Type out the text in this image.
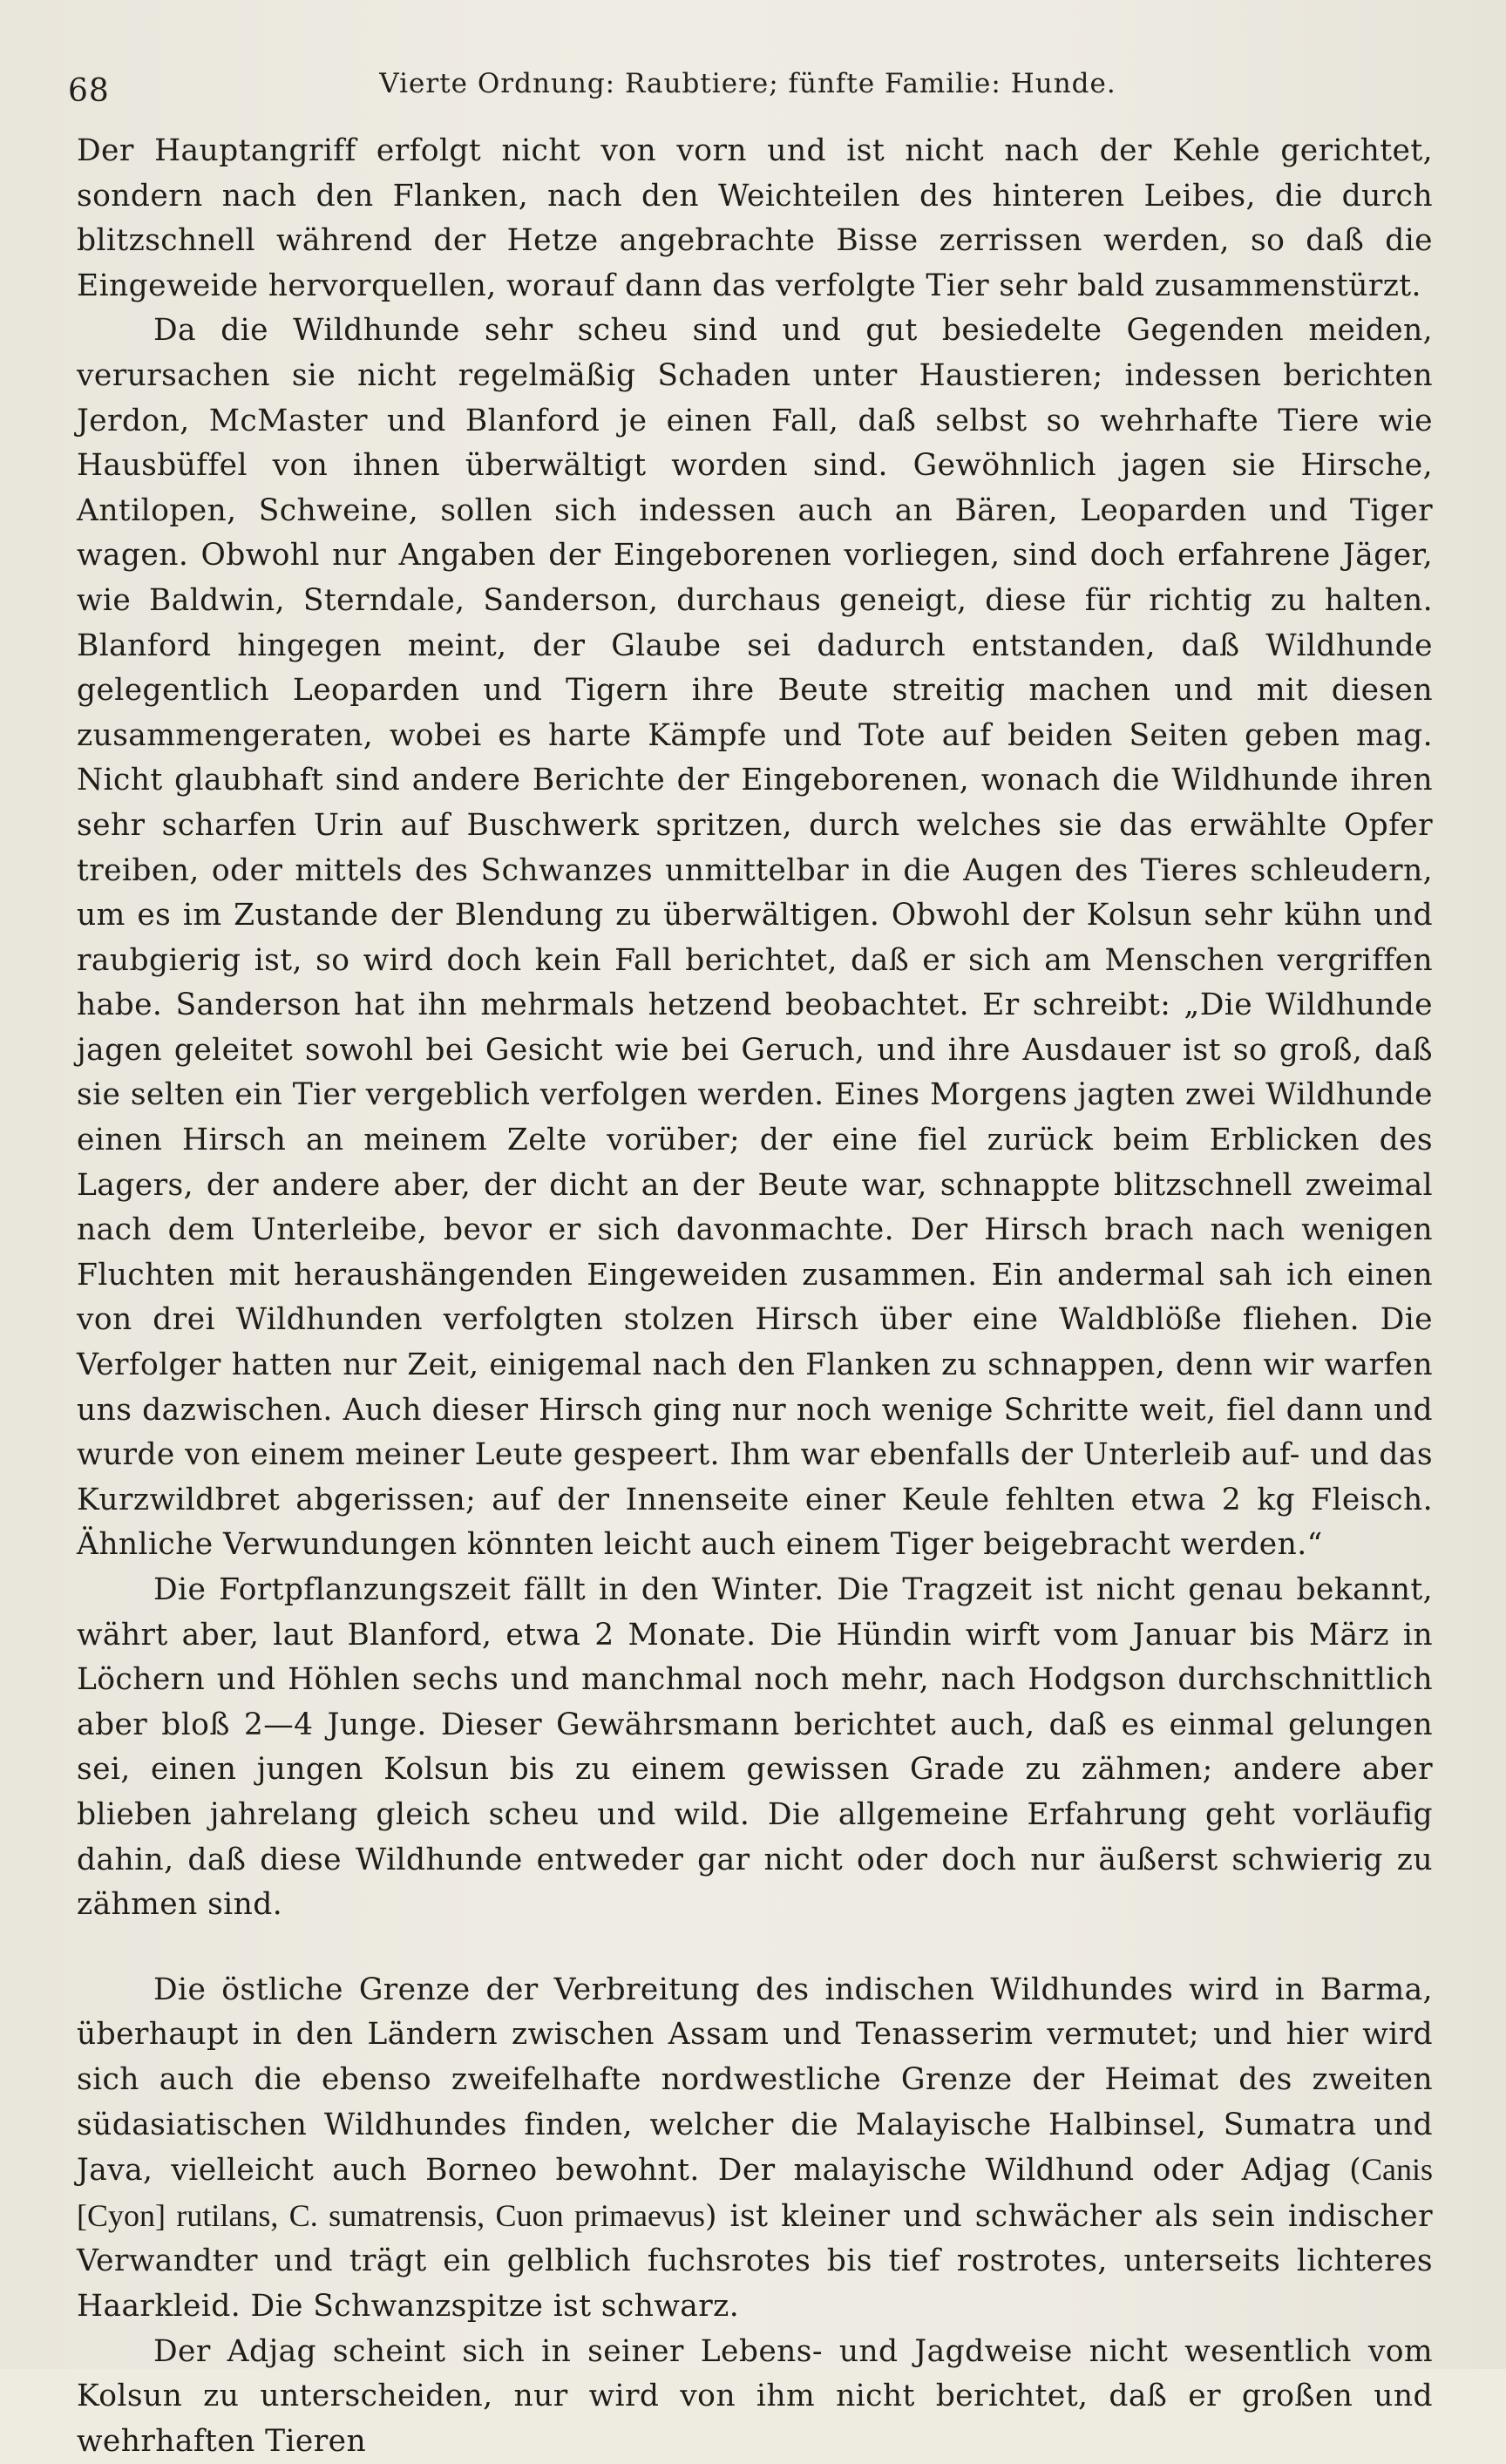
68	Vierte Ordnung: Raubtiere; fünfte Familie: Hunde.

Der Hauptangriff erfolgt nicht von vorn und ist nicht nach der Kehle gerichtet, sondern nach den Flanken, nach den Weichteilen des hinteren Leibes, die durch blitzschnell während der Hetze angebrachte Bisse zerrissen werden, so daß die Eingeweide hervorquellen, worauf dann das verfolgte Tier sehr bald zusammenstürzt.

Da die Wildhunde sehr scheu sind und gut besiedelte Gegenden meiden, verursachen sie nicht regelmäßig Schaden unter Haustieren; indessen berichten Jerdon, McMaster und Blanford je einen Fall, daß selbst so wehrhafte Tiere wie Hausbüffel von ihnen überwältigt worden sind. Gewöhnlich jagen sie Hirsche, Antilopen, Schweine, sollen sich indessen auch an Bären, Leoparden und Tiger wagen. Obwohl nur Angaben der Eingeborenen vorliegen, sind doch erfahrene Jäger, wie Baldwin, Sterndale, Sanderson, durchaus geneigt, diese für richtig zu halten. Blanford hingegen meint, der Glaube sei dadurch entstanden, daß Wildhunde gelegentlich Leoparden und Tigern ihre Beute streitig machen und mit diesen zusammengeraten, wobei es harte Kämpfe und Tote auf beiden Seiten geben mag. Nicht glaubhaft sind andere Berichte der Eingeborenen, wonach die Wildhunde ihren sehr scharfen Urin auf Buschwerk spritzen, durch welches sie das erwählte Opfer treiben, oder mittels des Schwanzes unmittelbar in die Augen des Tieres schleudern, um es im Zustande der Blendung zu überwältigen. Obwohl der Kolsun sehr kühn und raubgierig ist, so wird doch kein Fall berichtet, daß er sich am Menschen vergriffen habe. Sanderson hat ihn mehrmals hetzend beobachtet. Er schreibt: „Die Wildhunde jagen geleitet sowohl bei Gesicht wie bei Geruch, und ihre Ausdauer ist so groß, daß sie selten ein Tier vergeblich verfolgen werden. Eines Morgens jagten zwei Wildhunde einen Hirsch an meinem Zelte vorüber; der eine fiel zurück beim Erblicken des Lagers, der andere aber, der dicht an der Beute war, schnappte blitzschnell zweimal nach dem Unterleibe, bevor er sich davonmachte. Der Hirsch brach nach wenigen Fluchten mit heraushängenden Eingeweiden zusammen. Ein andermal sah ich einen von drei Wildhunden verfolgten stolzen Hirsch über eine Waldblöße fliehen. Die Verfolger hatten nur Zeit, einigemal nach den Flanken zu schnappen, denn wir warfen uns dazwischen. Auch dieser Hirsch ging nur noch wenige Schritte weit, fiel dann und wurde von einem meiner Leute gespeert. Ihm war ebenfalls der Unterleib auf- und das Kurzwildbret abgerissen; auf der Innenseite einer Keule fehlten etwa 2 kg Fleisch. Ähnliche Verwundungen könnten leicht auch einem Tiger beigebracht werden.“

Die Fortpflanzungszeit fällt in den Winter. Die Tragzeit ist nicht genau bekannt, währt aber, laut Blanford, etwa 2 Monate. Die Hündin wirft vom Januar bis März in Löchern und Höhlen sechs und manchmal noch mehr, nach Hodgson durchschnittlich aber bloß 2—4 Junge. Dieser Gewährsmann berichtet auch, daß es einmal gelungen sei, einen jungen Kolsun bis zu einem gewissen Grade zu zähmen; andere aber blieben jahrelang gleich scheu und wild. Die allgemeine Erfahrung geht vorläufig dahin, daß diese Wildhunde entweder gar nicht oder doch nur äußerst schwierig zu zähmen sind.

Die östliche Grenze der Verbreitung des indischen Wildhundes wird in Barma, überhaupt in den Ländern zwischen Assam und Tenasserim vermutet; und hier wird sich auch die ebenso zweifelhafte nordwestliche Grenze der Heimat des zweiten südasiatischen Wildhundes finden, welcher die Malayische Halbinsel, Sumatra und Java, vielleicht auch Borneo bewohnt. Der malayische Wildhund oder Adjag (Canis [Cyon] rutilans, C. sumatrensis, Cuon primaevus) ist kleiner und schwächer als sein indischer Verwandter und trägt ein gelblich fuchsrotes bis tief rostrotes, unterseits lichteres Haarkleid. Die Schwanzspitze ist schwarz.

Der Adjag scheint sich in seiner Lebens- und Jagdweise nicht wesentlich vom Kolsun zu unterscheiden, nur wird von ihm nicht berichtet, daß er großen und wehrhaften Tieren
